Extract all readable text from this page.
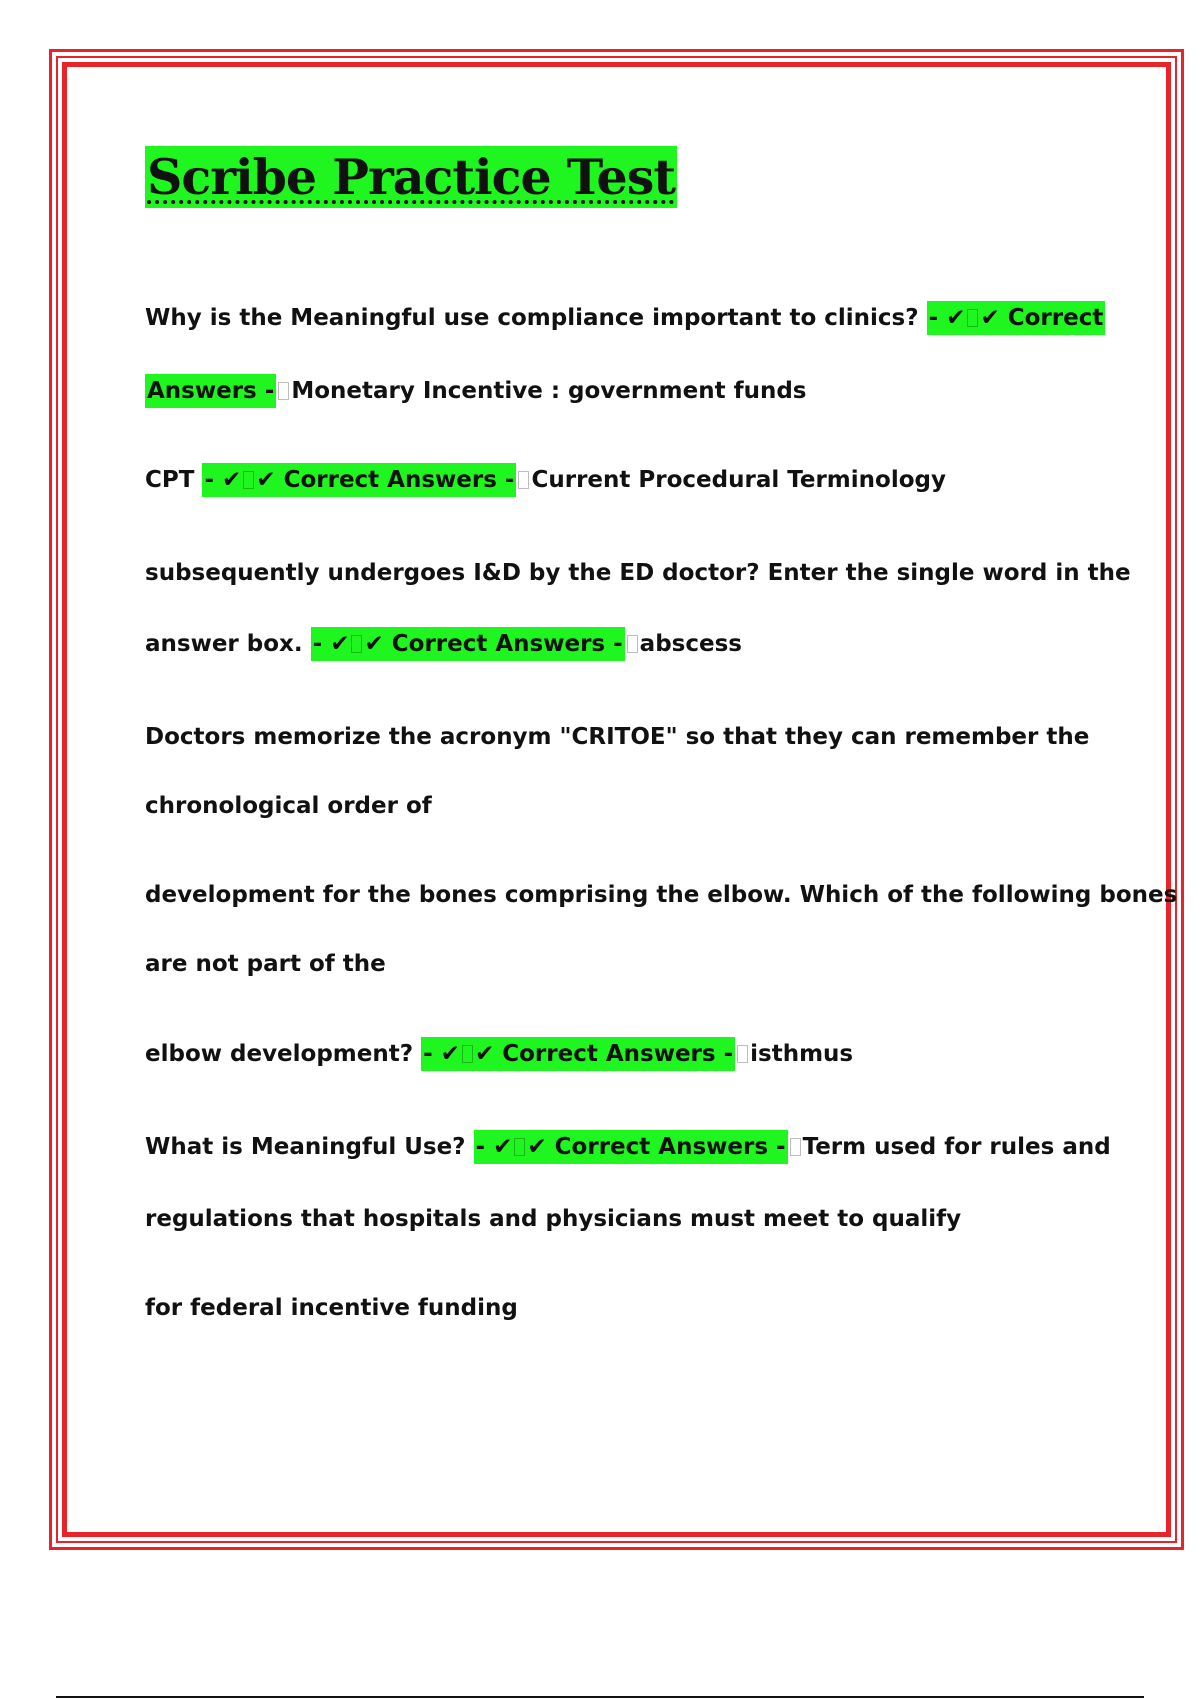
Scribe Practice Test
Why is the Meaningful use compliance important to clinics? - ✔ ✔ Correct
Answers - Monetary Incentive : government funds
CPT - ✔ ✔ Correct Answers - Current Procedural Terminology
subsequently undergoes I&D by the ED doctor? Enter the single word in the
answer box. - ✔ ✔ Correct Answers - abscess
Doctors memorize the acronym "CRITOE" so that they can remember the
chronological order of
development for the bones comprising the elbow. Which of the following bones
are not part of the
elbow development? - ✔ ✔ Correct Answers - isthmus
What is Meaningful Use? - ✔ ✔ Correct Answers - Term used for rules and
regulations that hospitals and physicians must meet to qualify
for federal incentive funding
